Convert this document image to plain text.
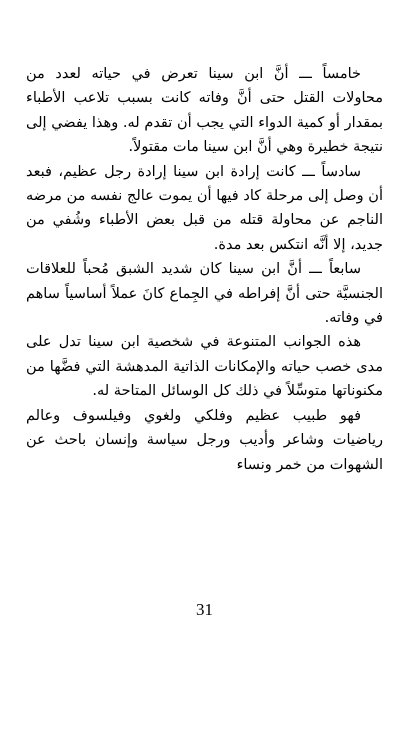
خامساً ـــ أنَّ ابن سينا تعرض في حياته لعدد من محاولات القتل حتى أنَّ وفاته كانت بسبب تلاعب الأطباء بمقدار أو كمية الدواء التي يجب أن تقدم له. وهذا يفضي إلى نتيجة خطيرة وهي أنَّ ابن سينا مات مقتولاً.

سادساً ـــ كانت إرادة ابن سينا إرادة رجل عظيم، فبعد أن وصل إلى مرحلة كاد فيها أن يموت عالج نفسه من مرضه الناجم عن محاولة قتله من قبل بعض الأطباء وشُفي من جديد، إلا أنَّه انتكس بعد مدة.

سابعاً ـــ أنَّ ابن سينا كان شديد الشبق مُحباً للعلاقات الجنسيَّة حتى أنَّ إفراطه في الجِماع كانَ عملاً أساسياً ساهم في وفاته.

هذه الجوانب المتنوعة في شخصية ابن سينا تدل على مدى خصب حياته والإمكانات الذاتية المدهشة التي فضَّها من مكنوناتها متوسِّلاً في ذلك كل الوسائل المتاحة له.

فهو طبيب عظيم وفلكي ولغوي وفيلسوف وعالم رياضيات وشاعر وأديب ورجل سياسة وإنسان باحث عن الشهوات من خمر ونساء

31
